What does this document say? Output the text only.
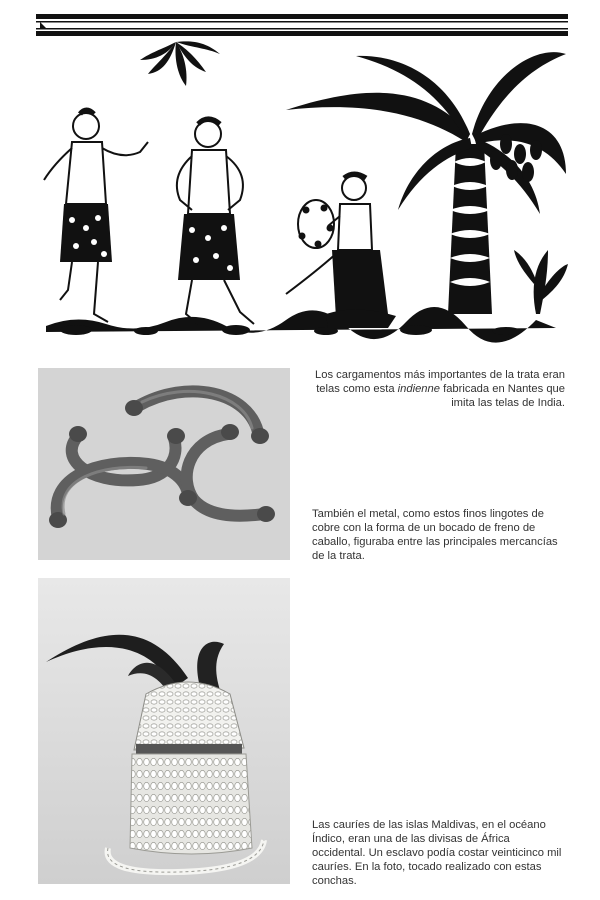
Los cargamentos más importantes de la trata eran telas como esta indienne fabricada en Nantes que imita las telas de India.
También el metal, como estos finos lingotes de cobre con la forma de un bocado de freno de caballo, figuraba entre las principales mercancías de la trata.
Las cauríes de las islas Maldivas, en el océano Índico, eran una de las divisas de África occidental. Un esclavo podía costar veinticinco mil cauríes. En la foto, tocado realizado con estas conchas.
